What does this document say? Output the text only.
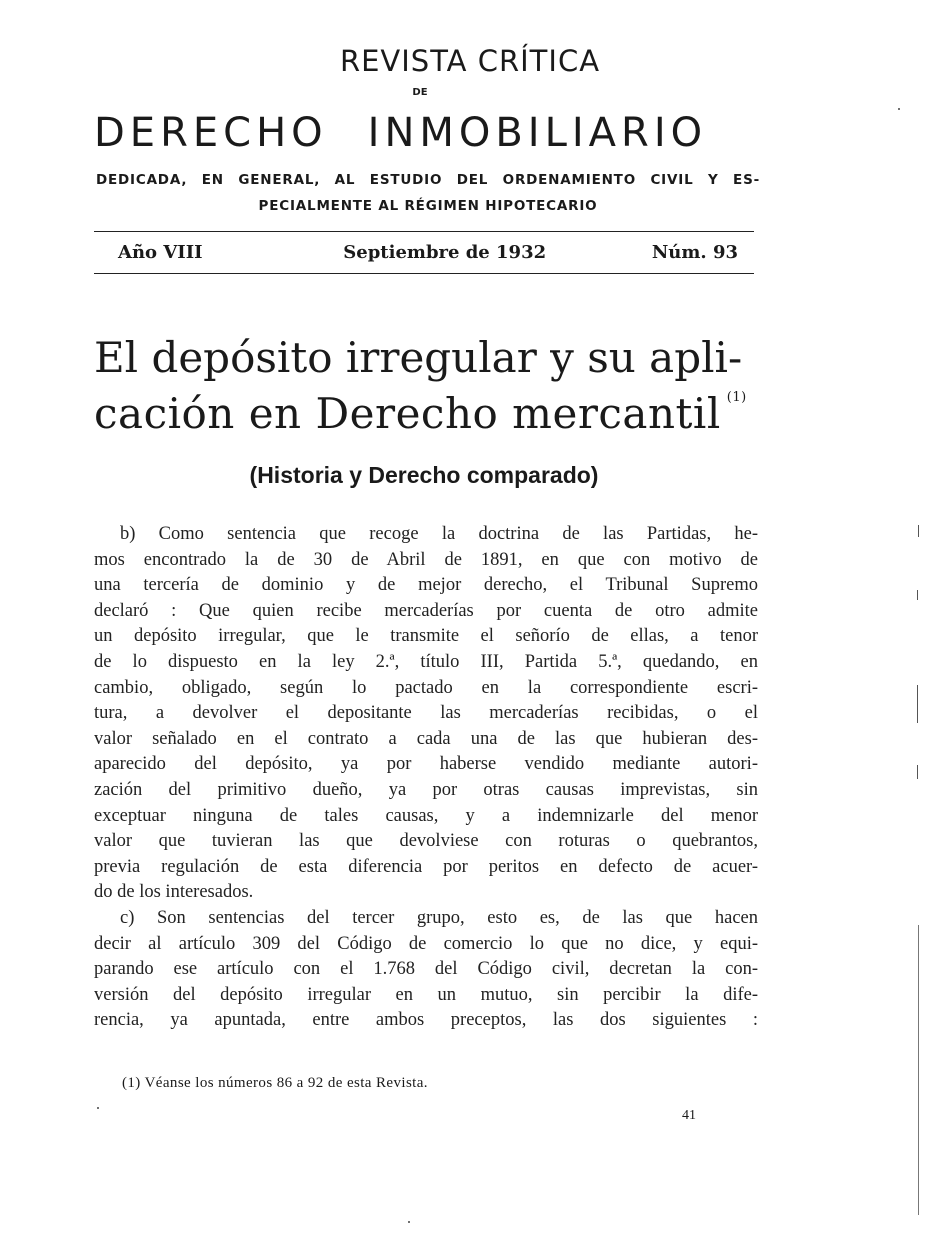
REVISTA CRÍTICA
DE
DERECHO INMOBILIARIO
DEDICADA, EN GENERAL, AL ESTUDIO DEL ORDENAMIENTO CIVIL Y ES-
PECIALMENTE AL RÉGIMEN HIPOTECARIO
Año VIII	Septiembre de 1932	Núm. 93
El depósito irregular y su apli-
cación en Derecho mercantil $^{(1)}$
(Historia y Derecho comparado)

b) Como sentencia que recoge la doctrina de las Partidas, he-

mos encontrado la de 30 de Abril de 1891, en que con motivo de

una tercería de dominio y de mejor derecho, el Tribunal Supremo

declaró : Que quien recibe mercaderías por cuenta de otro admite

un depósito irregular, que le transmite el señorío de ellas, a tenor

de lo dispuesto en la ley 2.ª, título III, Partida 5.ª, quedando, en

cambio, obligado, según lo pactado en la correspondiente escri-

tura, a devolver el depositante las mercaderías recibidas, o el

valor señalado en el contrato a cada una de las que hubieran des-

aparecido del depósito, ya por haberse vendido mediante autori-

zación del primitivo dueño, ya por otras causas imprevistas, sin

exceptuar ninguna de tales causas, y a indemnizarle del menor

valor que tuvieran las que devolviese con roturas o quebrantos,

previa regulación de esta diferencia por peritos en defecto de acuer-

do de los interesados.

c) Son sentencias del tercer grupo, esto es, de las que hacen

decir al artículo 309 del Código de comercio lo que no dice, y equi-

parando ese artículo con el 1.768 del Código civil, decretan la con-

versión del depósito irregular en un mutuo, sin percibir la dife-

rencia, ya apuntada, entre ambos preceptos, las dos siguientes :

(1) Véanse los números 86 a 92 de esta Revista.
41
